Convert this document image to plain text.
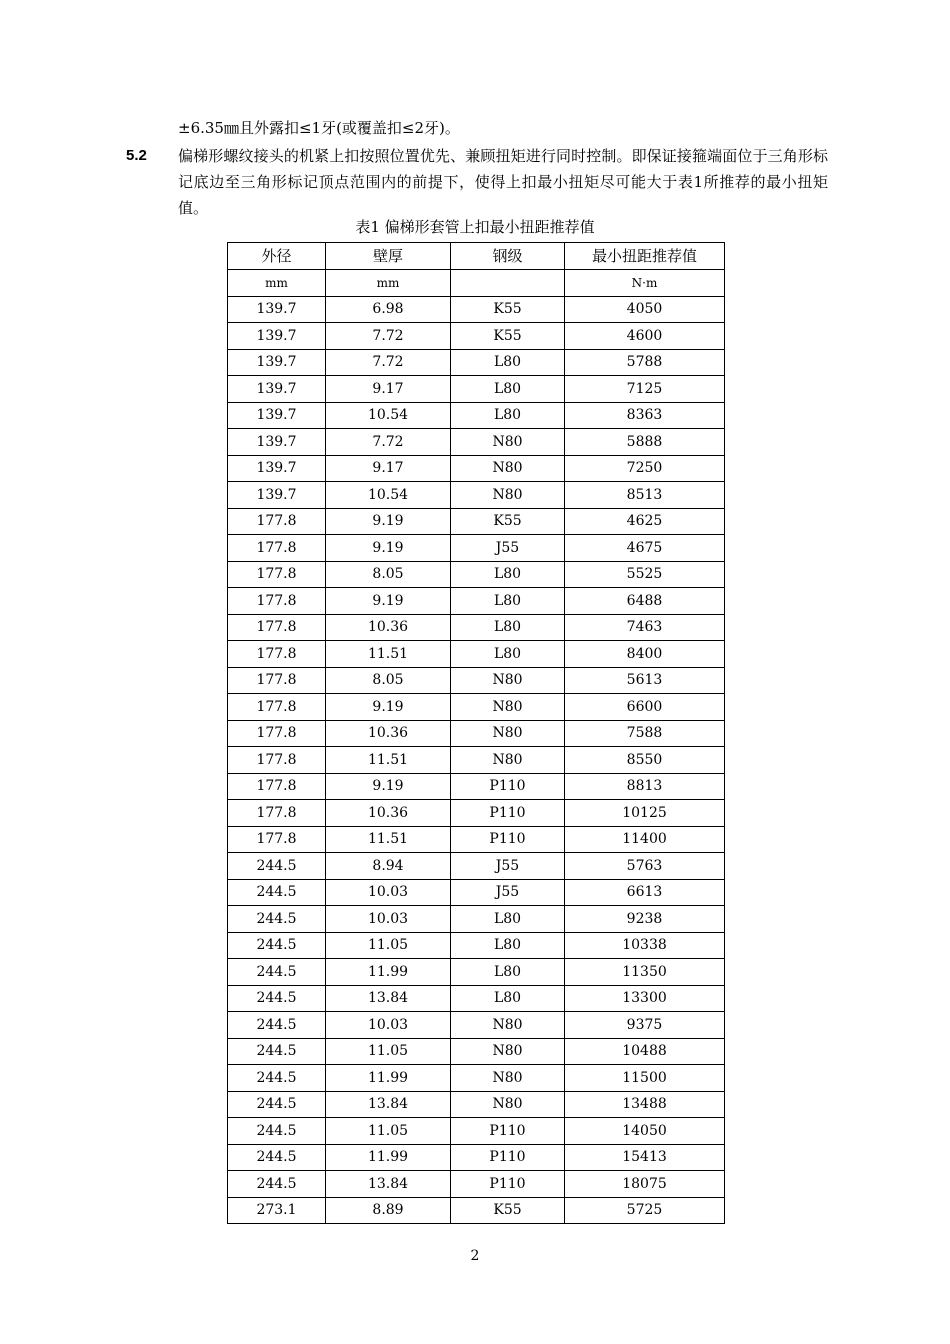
±6.35㎜且外露扣≤1牙(或覆盖扣≤2牙)。
5.2 偏梯形螺纹接头的机紧上扣按照位置优先、兼顾扭矩进行同时控制。即保证接箍端面位于三角形标记底边至三角形标记顶点范围内的前提下，使得上扣最小扭矩尽可能大于表1所推荐的最小扭矩值。
表1 偏梯形套管上扣最小扭距推荐值
外径	壁厚	钢级	最小扭距推荐值
mm	mm		N·m
139.7	6.98	K55	4050
139.7	7.72	K55	4600
139.7	7.72	L80	5788
139.7	9.17	L80	7125
139.7	10.54	L80	8363
139.7	7.72	N80	5888
139.7	9.17	N80	7250
139.7	10.54	N80	8513
177.8	9.19	K55	4625
177.8	9.19	J55	4675
177.8	8.05	L80	5525
177.8	9.19	L80	6488
177.8	10.36	L80	7463
177.8	11.51	L80	8400
177.8	8.05	N80	5613
177.8	9.19	N80	6600
177.8	10.36	N80	7588
177.8	11.51	N80	8550
177.8	9.19	P110	8813
177.8	10.36	P110	10125
177.8	11.51	P110	11400
244.5	8.94	J55	5763
244.5	10.03	J55	6613
244.5	10.03	L80	9238
244.5	11.05	L80	10338
244.5	11.99	L80	11350
244.5	13.84	L80	13300
244.5	10.03	N80	9375
244.5	11.05	N80	10488
244.5	11.99	N80	11500
244.5	13.84	N80	13488
244.5	11.05	P110	14050
244.5	11.99	P110	15413
244.5	13.84	P110	18075
273.1	8.89	K55	5725
2
